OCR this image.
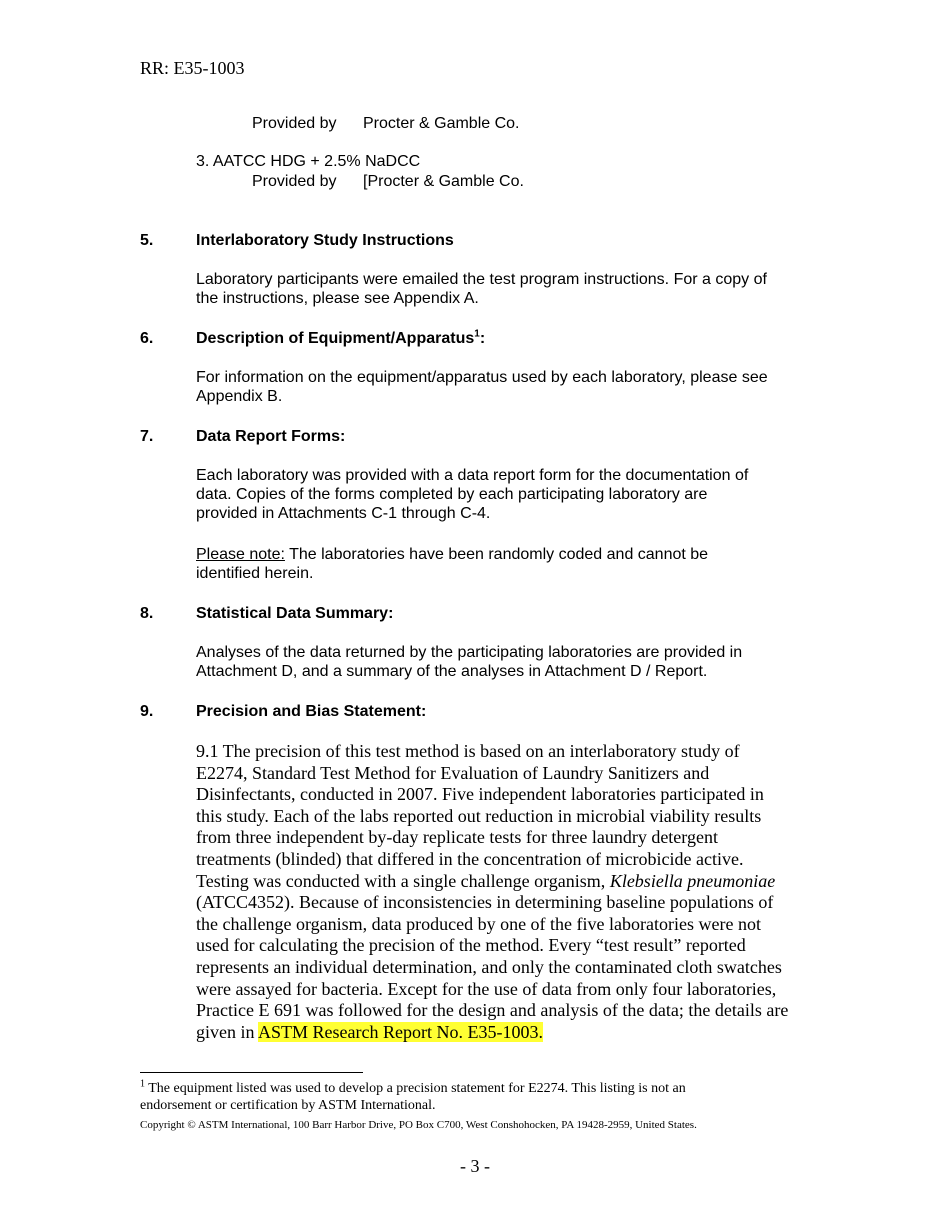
RR: E35-1003
Provided by Procter & Gamble Co.
3. AATCC HDG + 2.5% NaDCC
Provided by [Procter & Gamble Co.
5.	Interlaboratory Study Instructions
Laboratory participants were emailed the test program instructions. For a copy of
the instructions, please see Appendix A.
6.	Description of Equipment/Apparatus$^1$:
For information on the equipment/apparatus used by each laboratory, please see
Appendix B.
7.	Data Report Forms:
Each laboratory was provided with a data report form for the documentation of
data. Copies of the forms completed by each participating laboratory are
provided in Attachments C-1 through C-4.
Please note: The laboratories have been randomly coded and cannot be
identified herein.
8.	Statistical Data Summary:
Analyses of the data returned by the participating laboratories are provided in
Attachment D, and a summary of the analyses in Attachment D / Report.
9.	Precision and Bias Statement:
9.1 The precision of this test method is based on an interlaboratory study of
E2274, Standard Test Method for Evaluation of Laundry Sanitizers and
Disinfectants, conducted in 2007. Five independent laboratories participated in
this study. Each of the labs reported out reduction in microbial viability results
from three independent by-day replicate tests for three laundry detergent
treatments (blinded) that differed in the concentration of microbicide active.
Testing was conducted with a single challenge organism, Klebsiella pneumoniae
(ATCC4352). Because of inconsistencies in determining baseline populations of
the challenge organism, data produced by one of the five laboratories were not
used for calculating the precision of the method. Every “test result” reported
represents an individual determination, and only the contaminated cloth swatches
were assayed for bacteria. Except for the use of data from only four laboratories,
Practice E 691 was followed for the design and analysis of the data; the details are
given in ASTM Research Report No. E35-1003.
$^1$ The equipment listed was used to develop a precision statement for E2274. This listing is not an
endorsement or certification by ASTM International.
Copyright © ASTM International, 100 Barr Harbor Drive, PO Box C700, West Conshohocken, PA 19428-2959, United States.
- 3 -
